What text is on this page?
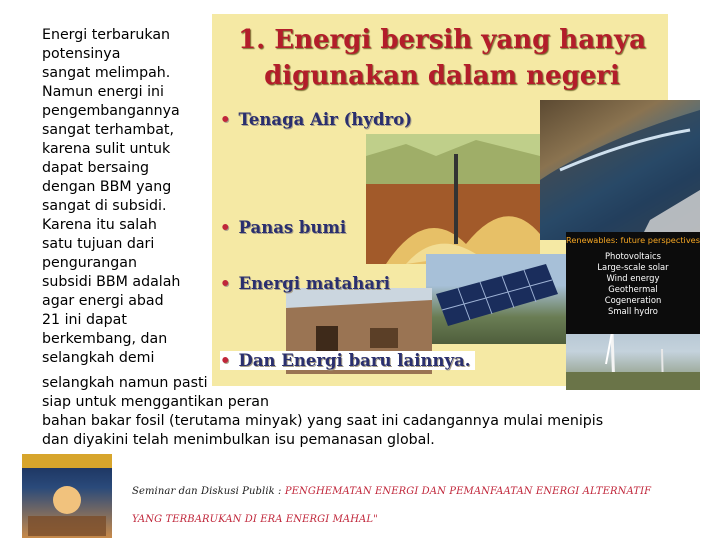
1. Energi bersih yang hanya
digunakan dalam negeri
Renewables: future perspectives
Photovoltaics
Large-scale solar
Wind energy
Geothermal
Cogeneration
Small hydro
• Tenaga Air (hydro)
• Panas bumi
• Energi matahari
• Dan Energi baru lainnya.
Energi terbarukan
potensinya
sangat melimpah.
Namun energi ini
pengembangannya
sangat terhambat,
karena sulit untuk
dapat bersaing
dengan BBM yang
sangat di subsidi.
Karena itu salah
satu tujuan dari
pengurangan
subsidi BBM adalah
agar energi abad
21 ini dapat
berkembang, dan
selangkah demi
selangkah namun pasti
siap untuk menggantikan peran
bahan bakar fosil (terutama minyak) yang saat ini cadangannya mulai menipis
dan diyakini telah menimbulkan isu pemanasan global.
Seminar dan Diskusi Publik : PENGHEMATAN ENERGI DAN PEMANFAATAN ENERGI ALTERNATIF
YANG TERBARUKAN DI ERA ENERGI MAHAL"
